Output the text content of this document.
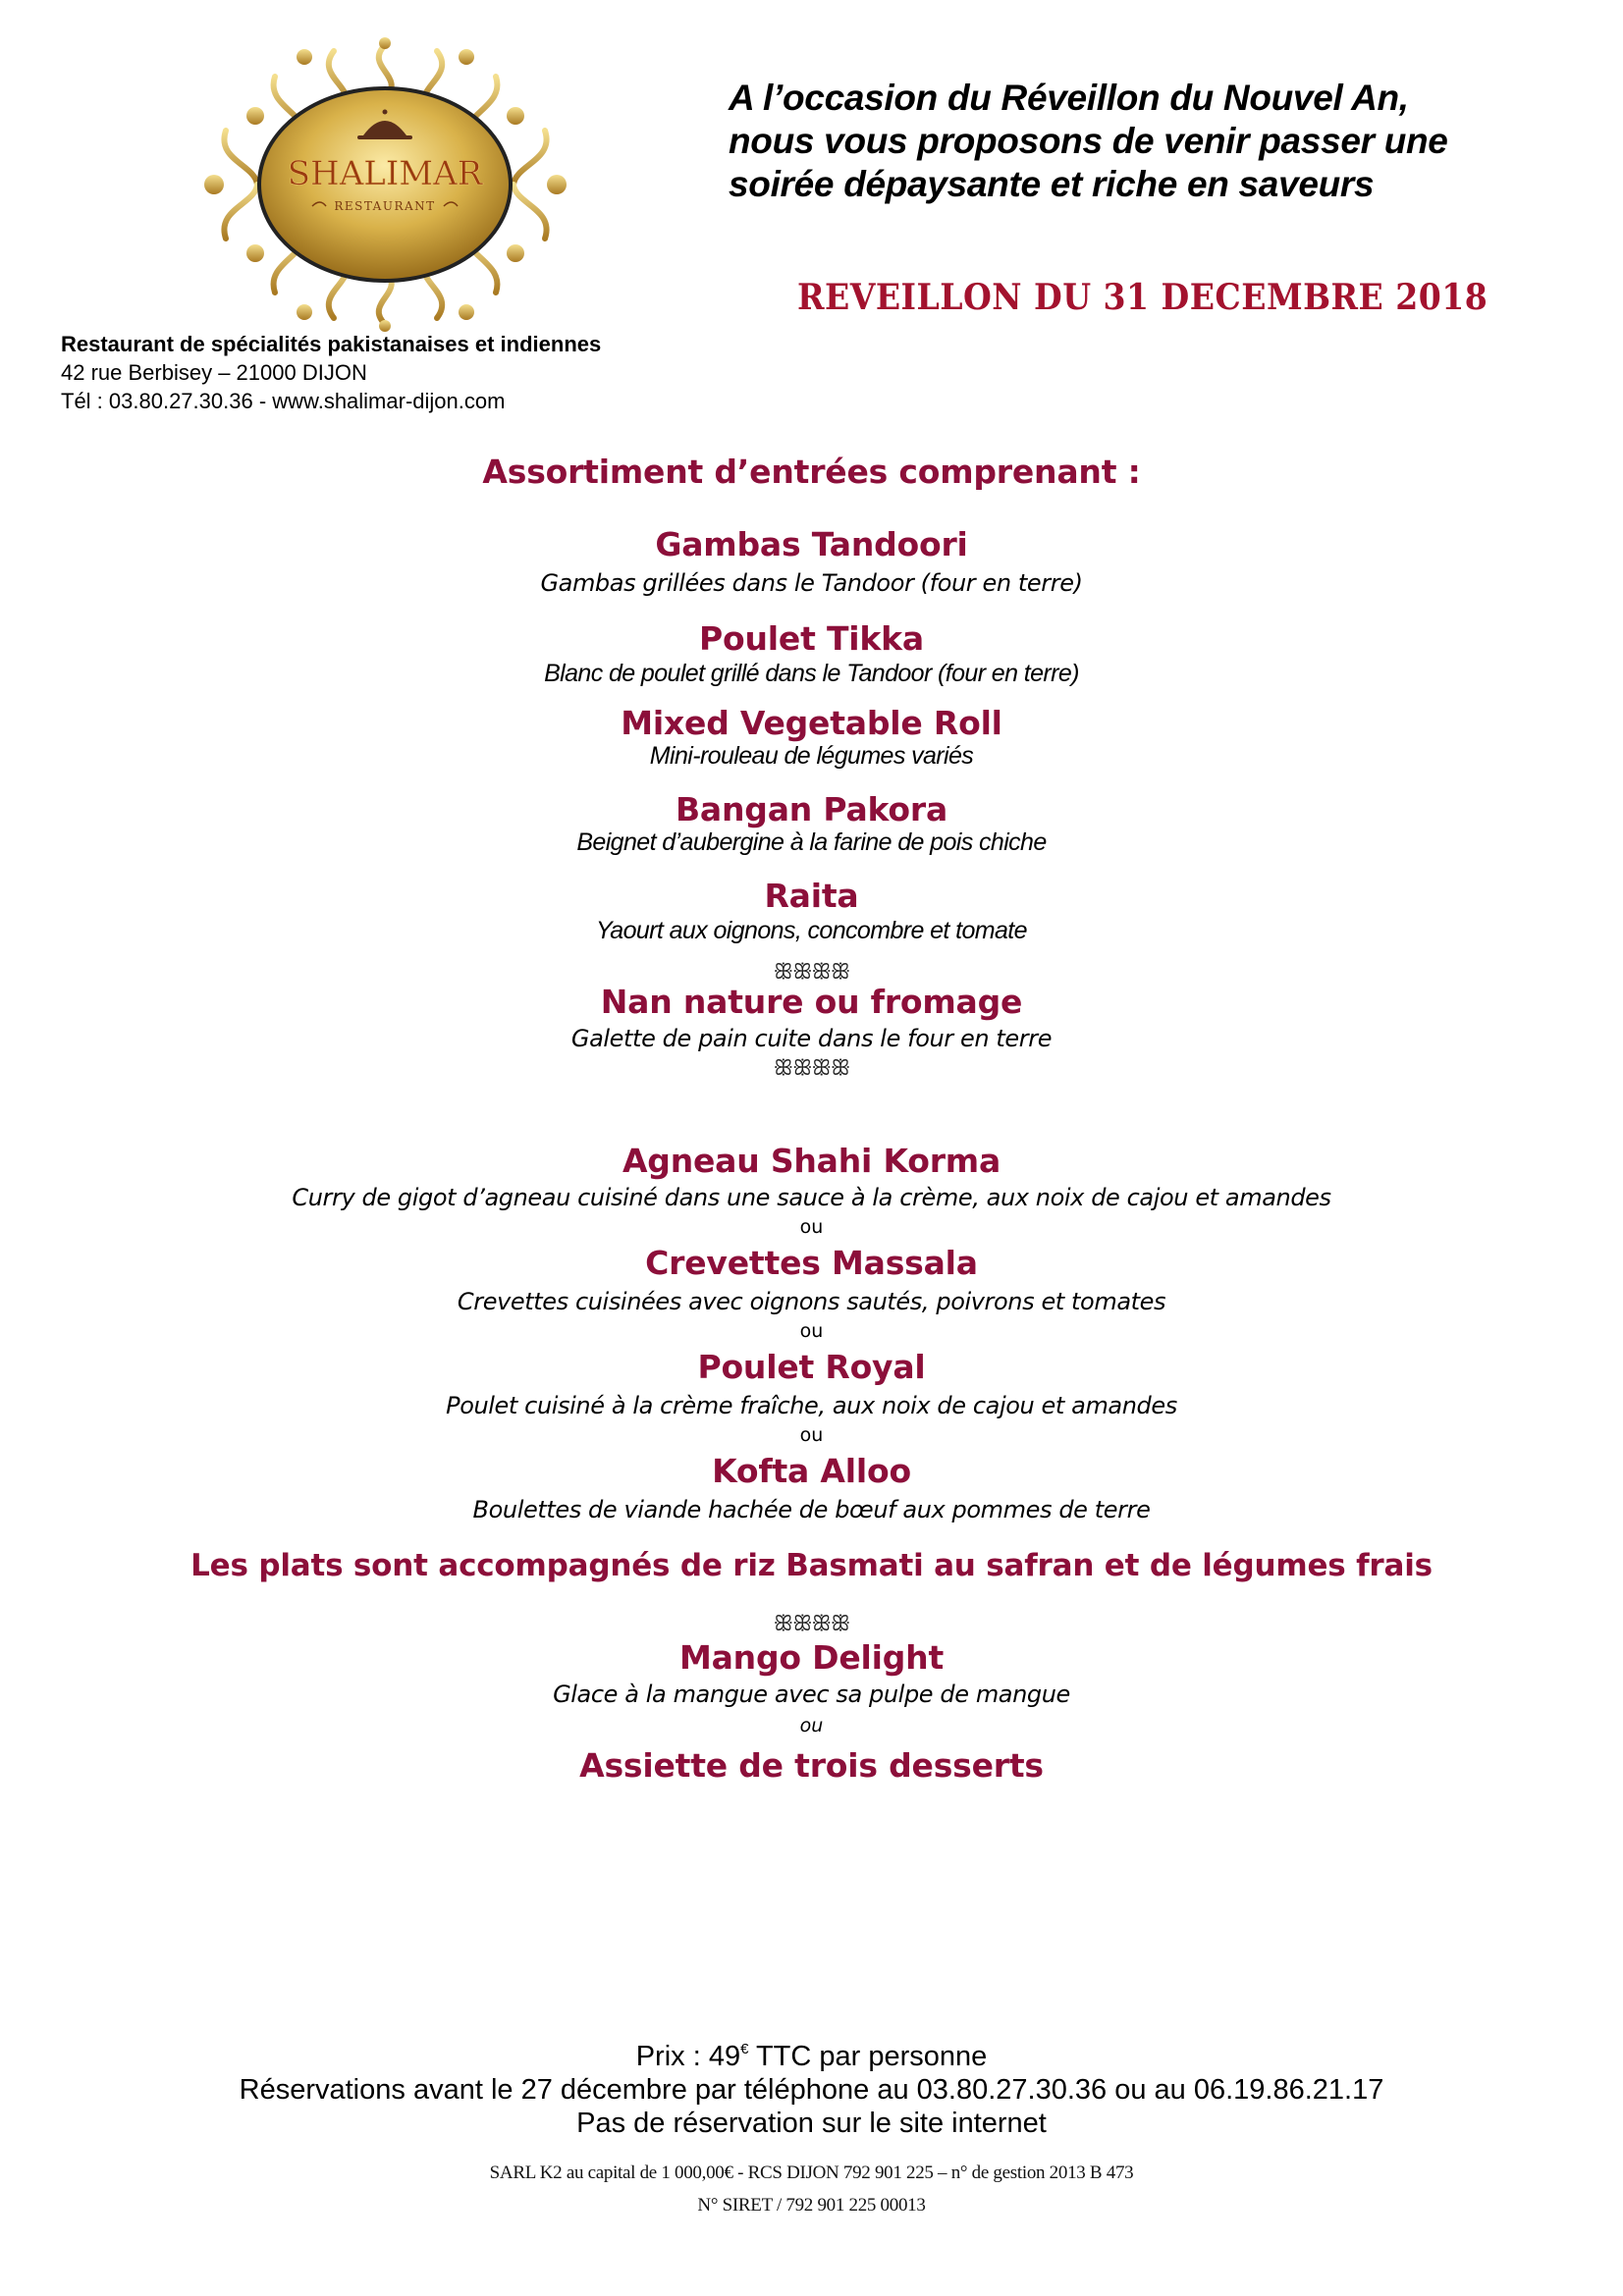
SHALIMAR
RESTAURANT
Restaurant de spécialités pakistanaises et indiennes
42 rue Berbisey – 21000 DIJON
Tél : 03.80.27.30.36 - www.shalimar-dijon.com
A l’occasion du Réveillon du Nouvel An,
nous vous proposons de venir passer une
soirée dépaysante et riche en saveurs
REVEILLON DU 31 DECEMBRE 2018
Assortiment d’entrées comprenant :
Gambas Tandoori
Gambas grillées dans le Tandoor (four en terre)
Poulet Tikka
Blanc de poulet grillé dans le Tandoor (four en terre)
Mixed Vegetable Roll
Mini-rouleau de légumes variés
Bangan Pakora
Beignet d’aubergine à la farine de pois chiche
Raita
Yaourt aux oignons, concombre et tomate
ꕥꕥꕥꕥ
Nan nature ou fromage
Galette de pain cuite dans le four en terre
ꕥꕥꕥꕥ
Agneau Shahi Korma
Curry de gigot d’agneau cuisiné dans une sauce à la crème, aux noix de cajou et amandes
ou
Crevettes Massala
Crevettes cuisinées avec oignons sautés, poivrons et tomates
ou
Poulet Royal
Poulet cuisiné à la crème fraîche, aux noix de cajou et amandes
ou
Kofta Alloo
Boulettes de viande hachée de bœuf aux pommes de terre
Les plats sont accompagnés de riz Basmati au safran et de légumes frais
ꕥꕥꕥꕥ
Mango Delight
Glace à la mangue avec sa pulpe de mangue
ou
Assiette de trois desserts
Prix : 49€ TTC par personne
Réservations avant le 27 décembre par téléphone au 03.80.27.30.36 ou au 06.19.86.21.17
Pas de réservation sur le site internet
SARL K2 au capital de 1 000,00€ - RCS DIJON 792 901 225 – n° de gestion 2013 B 473
N° SIRET / 792 901 225 00013
